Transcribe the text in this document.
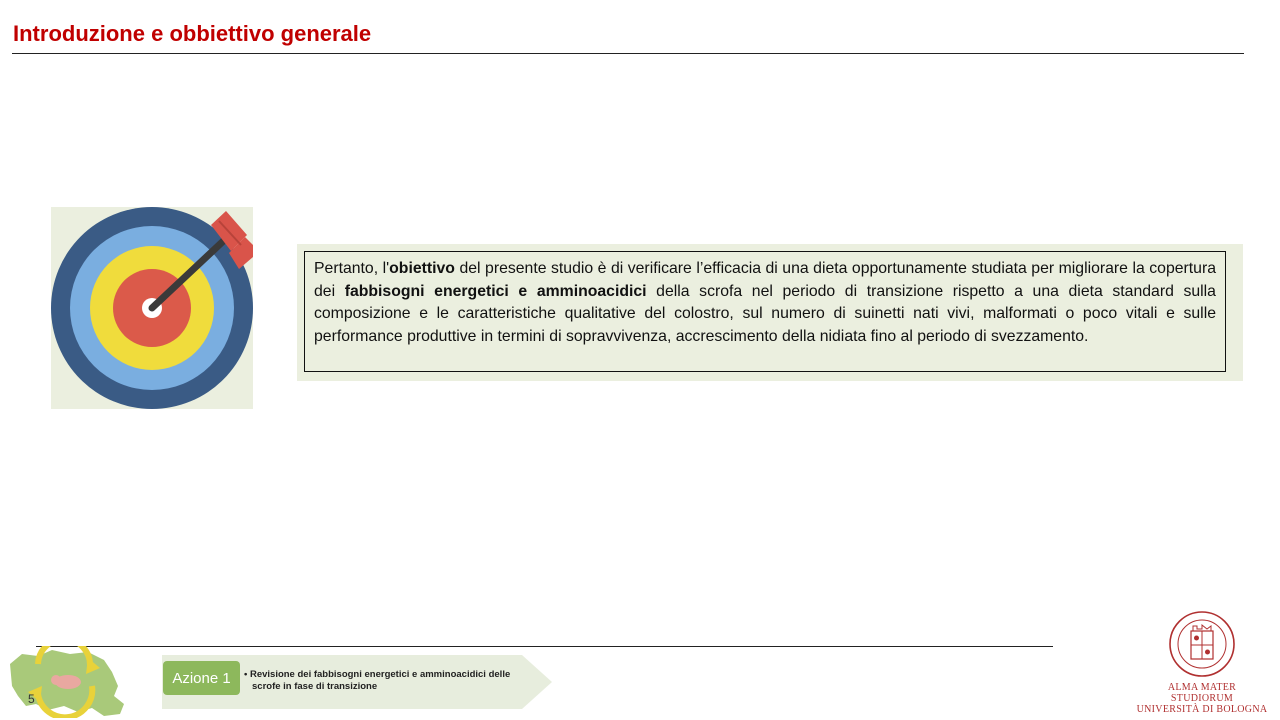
Introduzione e obbiettivo generale
Pertanto, l'obiettivo del presente studio è di verificare l’efficacia di una dieta opportunamente studiata per migliorare la copertura dei fabbisogni energetici e amminoacidici della scrofa nel periodo di transizione rispetto a una dieta standard sulla composizione e le caratteristiche qualitative del colostro, sul numero di suinetti nati vivi, malformati o poco vitali e sulle performance produttive in termini di sopravvivenza, accrescimento della nidiata fino al periodo di svezzamento.
5
Azione 1	• Revisione dei fabbisogni energetici e amminoacidici delle scrofe in fase di transizione	ALMA MATER STUDIORUM
UNIVERSITÀ DI BOLOGNA
